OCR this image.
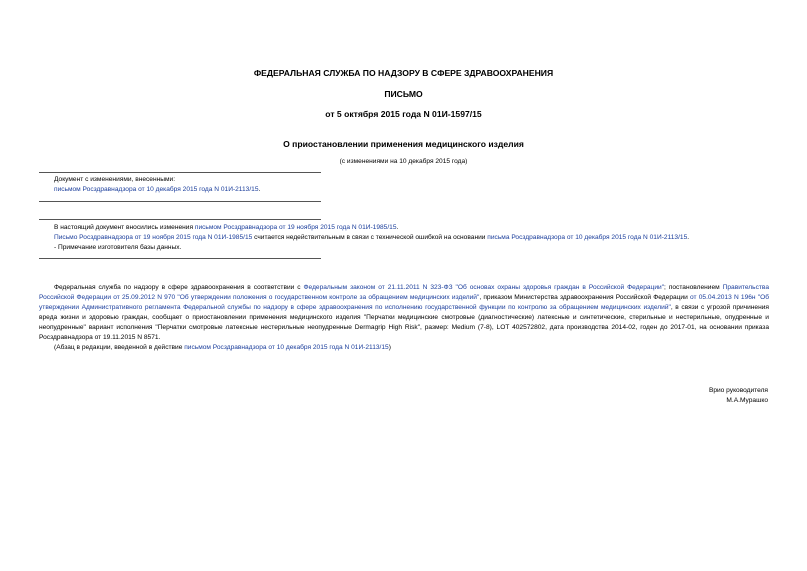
ФЕДЕРАЛЬНАЯ СЛУЖБА ПО НАДЗОРУ В СФЕРЕ ЗДРАВООХРАНЕНИЯ
ПИСЬМО
от 5 октября 2015 года N 01И-1597/15
О приостановлении применения медицинского изделия
(с изменениями на 10 декабря 2015 года)
Документ с изменениями, внесенными:
письмом Росздравнадзора от 10 декабря 2015 года N 01И-2113/15.
В настоящий документ вносились изменения письмом Росздравнадзора от 19 ноября 2015 года N 01И-1985/15.
Письмо Росздравнадзора от 19 ноября 2015 года N 01И-1985/15 считается недействительным в связи с технической ошибкой на основании письма Росздравнадзора от 10 декабря 2015 года N 01И-2113/15.
- Примечание изготовителя базы данных.
Федеральная служба по надзору в сфере здравоохранения в соответствии с Федеральным законом от 21.11.2011 N 323-ФЗ "Об основах охраны здоровья граждан в Российской Федерации"; постановлением Правительства Российской Федерации от 25.09.2012 N 970 "Об утверждении положения о государственном контроле за обращением медицинских изделий", приказом Министерства здравоохранения Российской Федерации от 05.04.2013 N 196н "Об утверждении Административного регламента Федеральной службы по надзору в сфере здравоохранения по исполнению государственной функции по контролю за обращением медицинских изделий", в связи с угрозой причинения вреда жизни и здоровью граждан, сообщает о приостановлении применения медицинского изделия "Перчатки медицинские смотровые (диагностические) латексные и синтетические, стерильные и нестерильные, опудренные и неопудренные" вариант исполнения "Перчатки смотровые латексные нестерильные неопудренные Dermagrip High Risk", размер: Medium (7-8), LOT 402572802, дата производства 2014-02, годен до 2017-01, на основании приказа Росздравнадзора от 19.11.2015 N 8571.
(Абзац в редакции, введенной в действие письмом Росздравнадзора от 10 декабря 2015 года N 01И-2113/15)
Врио руководителя
М.А.Мурашко
